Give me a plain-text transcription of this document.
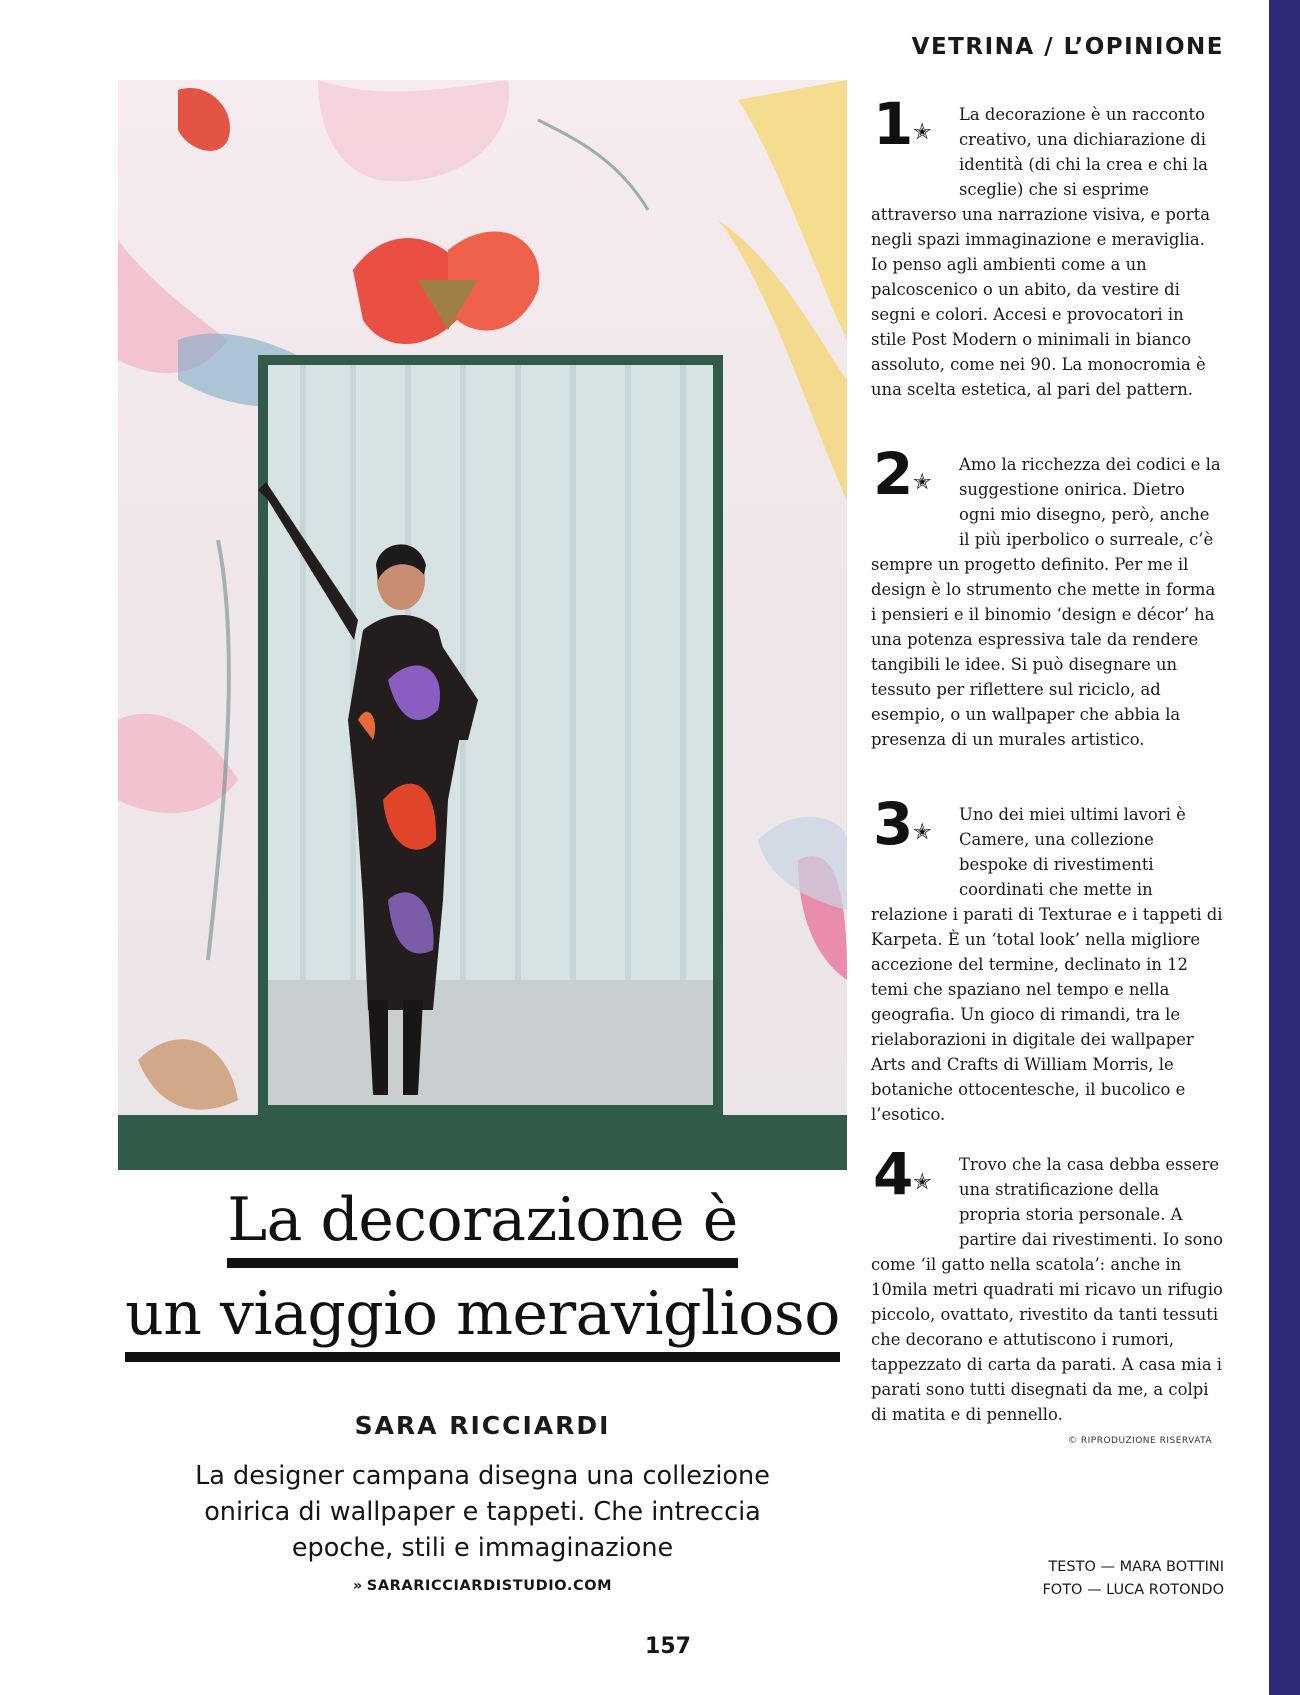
VETRINA / L’OPINIONE
La decorazione è
un viaggio meraviglioso
SARA RICCIARDI
La designer campana disegna una collezione onirica di wallpaper e tappeti. Che intreccia epoche, stili e immaginazione
» SARARICCIARDISTUDIO.COM
157
1 ✭

La decorazione è un racconto creativo, una dichiarazione di identità (di chi la crea e chi la sceglie) che si esprime attraverso una narrazione visiva, e porta negli spazi immaginazione e meraviglia. Io penso agli ambienti come a un palcoscenico o un abito, da vestire di segni e colori. Accesi e provocatori in stile Post Modern o minimali in bianco assoluto, come nei 90. La monocromia è una scelta estetica, al pari del pattern.

2 ✭

Amo la ricchezza dei codici e la suggestione onirica. Dietro ogni mio disegno, però, anche il più iperbolico o surreale, c’è sempre un progetto definito. Per me il design è lo strumento che mette in forma i pensieri e il binomio ‘design e décor’ ha una potenza espressiva tale da rendere tangibili le idee. Si può disegnare un tessuto per riflettere sul riciclo, ad esempio, o un wallpaper che abbia la presenza di un murales artistico.

3 ✭

Uno dei miei ultimi lavori è Camere, una collezione bespoke di rivestimenti coordinati che mette in relazione i parati di Texturae e i tappeti di Karpeta. È un ‘total look’ nella migliore accezione del termine, declinato in 12 temi che spaziano nel tempo e nella geografia. Un gioco di rimandi, tra le rielaborazioni in digitale dei wallpaper Arts and Crafts di William Morris, le botaniche ottocentesche, il bucolico e l’esotico.

4 ✭

Trovo che la casa debba essere una stratificazione della propria storia personale. A partire dai rivestimenti. Io sono come ‘il gatto nella scatola’: anche in 10mila metri quadrati mi ricavo un rifugio piccolo, ovattato, rivestito da tanti tessuti che decorano e attutiscono i rumori, tappezzato di carta da parati. A casa mia i parati sono tutti disegnati da me, a colpi di matita e di pennello.

© RIPRODUZIONE RISERVATA
TESTO — MARA BOTTINI
FOTO — LUCA ROTONDO
